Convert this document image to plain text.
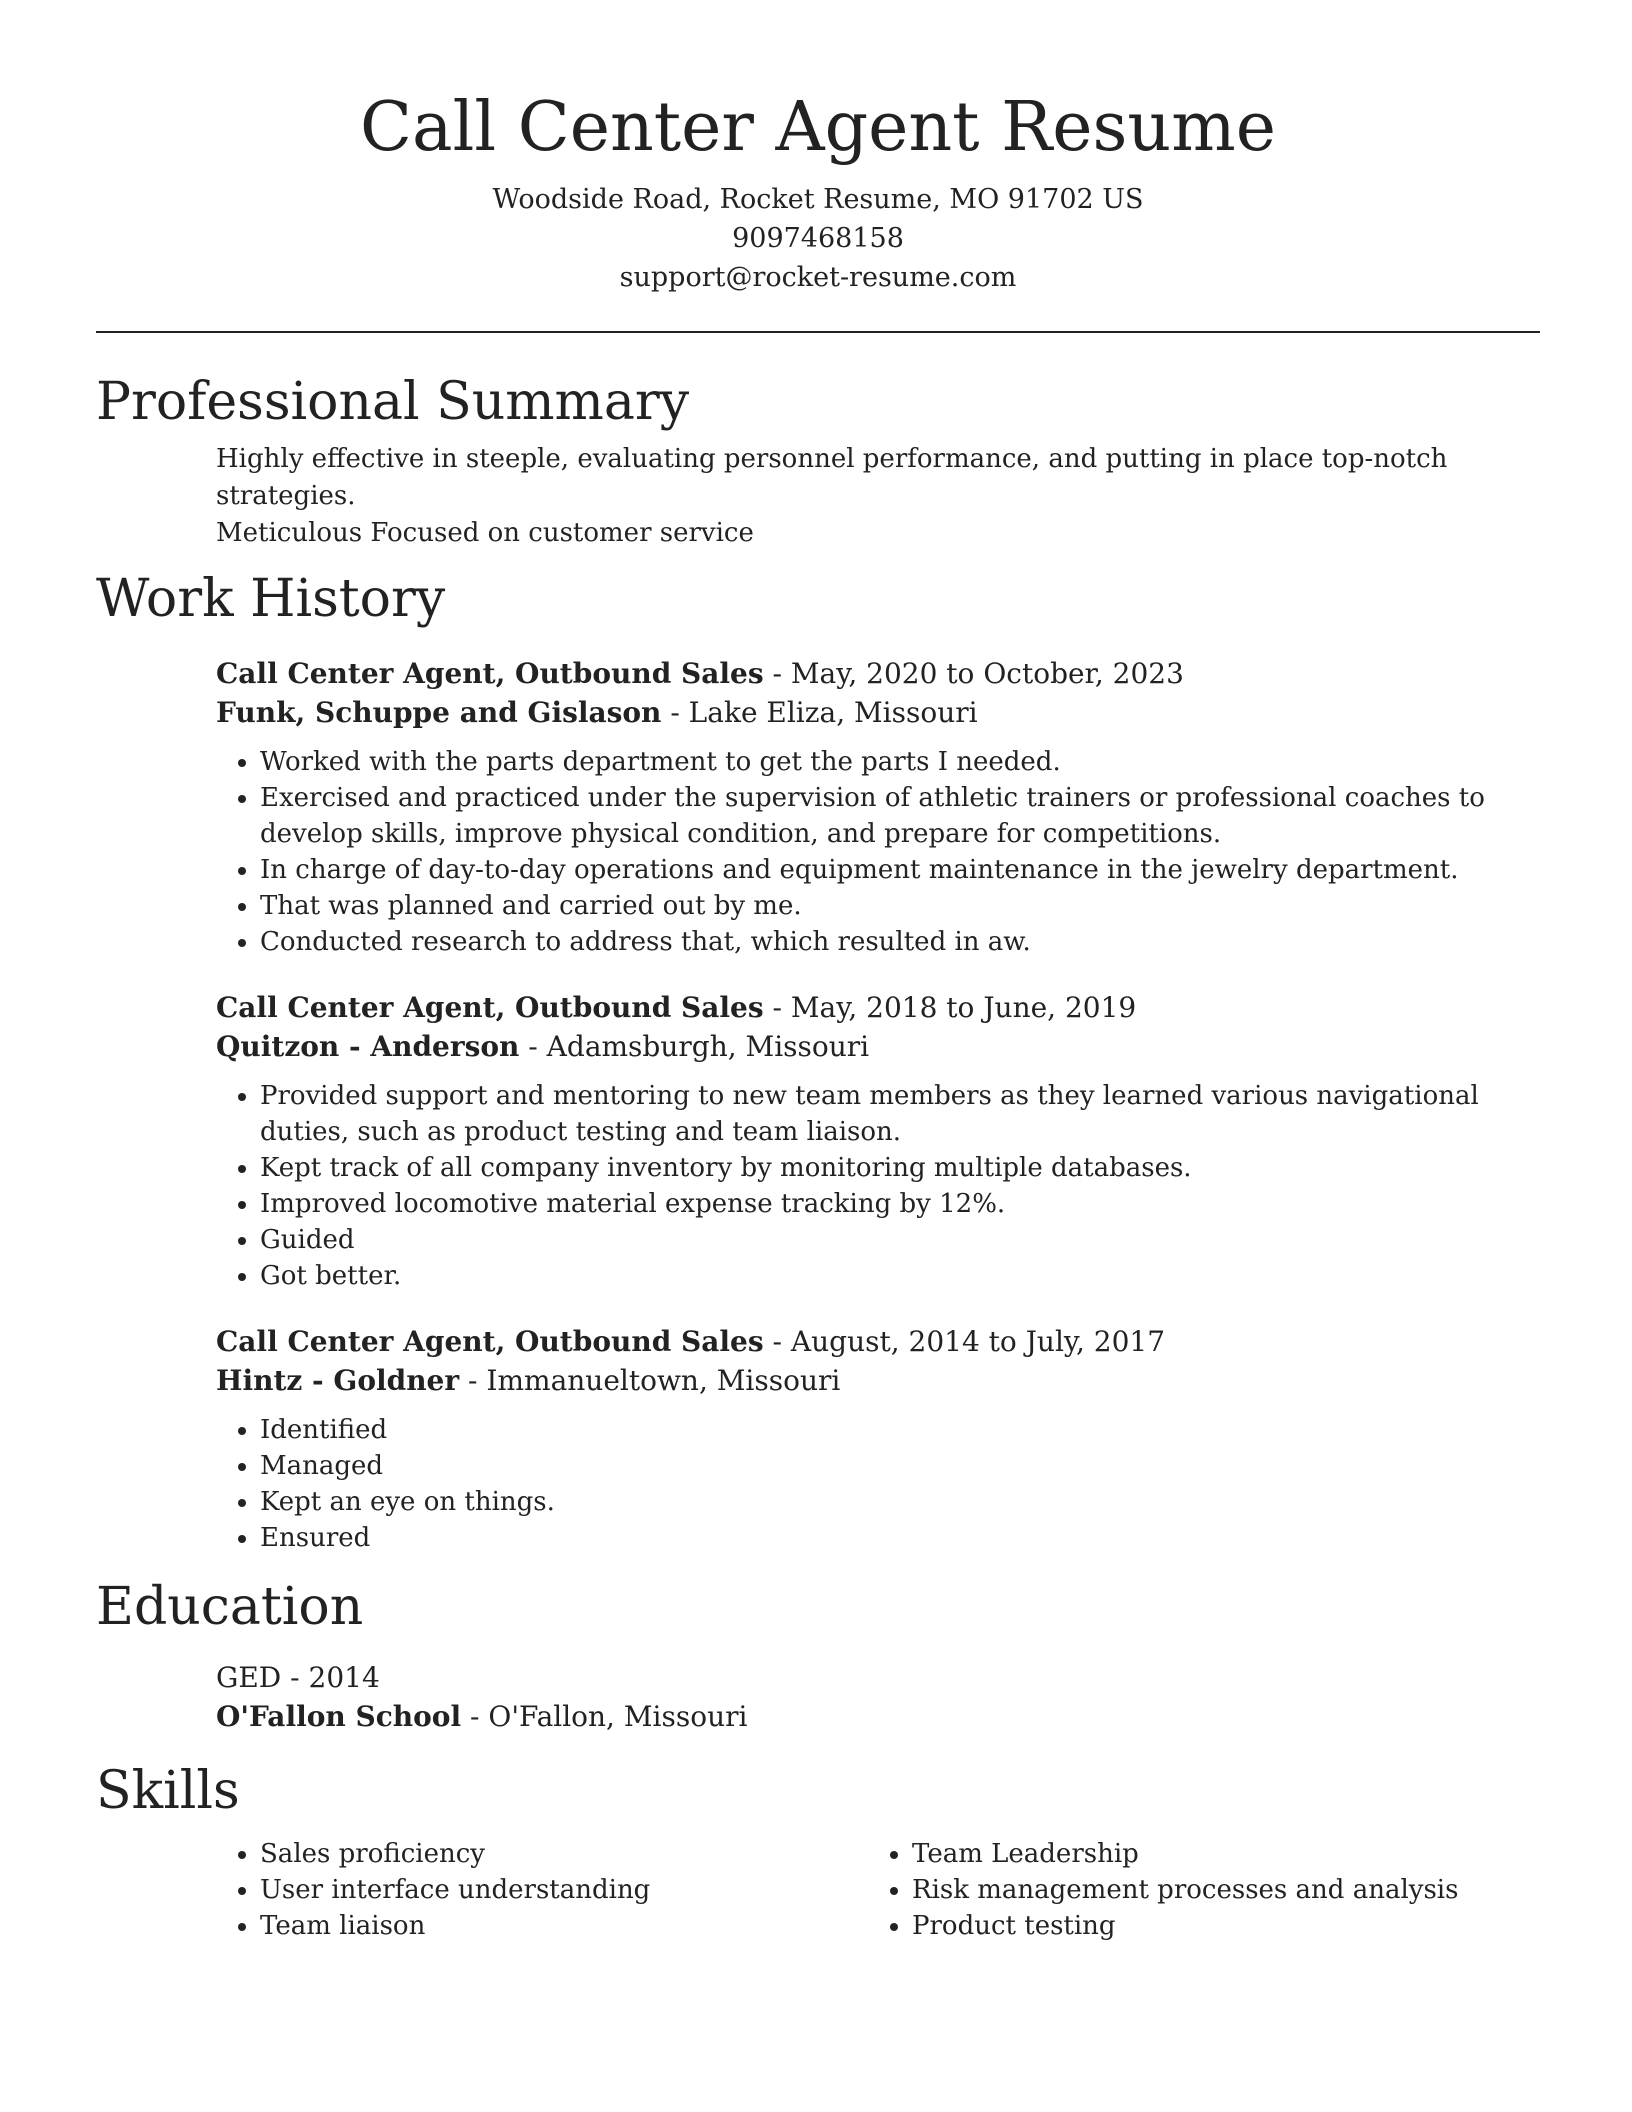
Call Center Agent Resume
Woodside Road, Rocket Resume, MO 91702 US
9097468158
support@rocket-resume.com
Professional Summary
Highly effective in steeple, evaluating personnel performance, and putting in place top-notch strategies.
Meticulous Focused on customer service
Work History
Call Center Agent, Outbound Sales - May, 2020 to October, 2023
Funk, Schuppe and Gislason - Lake Eliza, Missouri
• Worked with the parts department to get the parts I needed.
• Exercised and practiced under the supervision of athletic trainers or professional coaches to develop skills, improve physical condition, and prepare for competitions.
• In charge of day-to-day operations and equipment maintenance in the jewelry department.
• That was planned and carried out by me.
• Conducted research to address that, which resulted in aw.
Call Center Agent, Outbound Sales - May, 2018 to June, 2019
Quitzon - Anderson - Adamsburgh, Missouri
• Provided support and mentoring to new team members as they learned various navigational duties, such as product testing and team liaison.
• Kept track of all company inventory by monitoring multiple databases.
• Improved locomotive material expense tracking by 12%.
• Guided
• Got better.
Call Center Agent, Outbound Sales - August, 2014 to July, 2017
Hintz - Goldner - Immanueltown, Missouri
• Identified
• Managed
• Kept an eye on things.
• Ensured
Education
GED - 2014
O'Fallon School - O'Fallon, Missouri
Skills
• Sales proficiency
• User interface understanding
• Team liaison
• Team Leadership
• Risk management processes and analysis
• Product testing
